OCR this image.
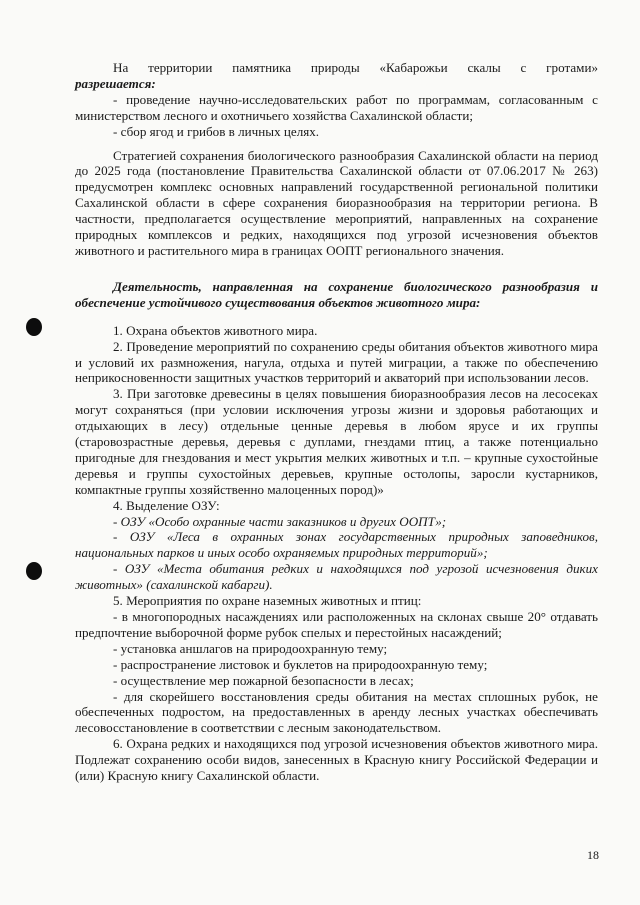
На территории памятника природы «Кабарожьи скалы с гротами»

разрешается:

- проведение научно-исследовательских работ по программам, согласованным с министерством лесного и охотничьего хозяйства Сахалинской области;

- сбор ягод и грибов в личных целях.

Стратегией сохранения биологического разнообразия Сахалинской области на период до 2025 года (постановление Правительства Сахалинской области от 07.06.2017 № 263) предусмотрен комплекс основных направлений государственной региональной политики Сахалинской области в сфере сохранения биоразнообразия на территории региона. В частности, предполагается осуществление мероприятий, направленных на сохранение природных комплексов и редких, находящихся под угрозой исчезновения объектов животного и растительного мира в границах ООПТ регионального значения.

Деятельность, направленная на сохранение биологического разнообразия и обеспечение устойчивого существования объектов животного мира:

1. Охрана объектов животного мира.

2. Проведение мероприятий по сохранению среды обитания объектов животного мира и условий их размножения, нагула, отдыха и путей миграции, а также по обеспечению неприкосновенности защитных участков территорий и акваторий при использовании лесов.

3. При заготовке древесины в целях повышения биоразнообразия лесов на лесосеках могут сохраняться (при условии исключения угрозы жизни и здоровья работающих и отдыхающих в лесу) отдельные ценные деревья в любом ярусе и их группы (старовозрастные деревья, деревья с дуплами, гнездами птиц, а также потенциально пригодные для гнездования и мест укрытия мелких животных и т.п. – крупные сухостойные деревья и группы сухостойных деревьев, крупные остолопы, заросли кустарников, компактные группы хозяйственно малоценных пород)»

4. Выделение ОЗУ:

- ОЗУ «Особо охранные части заказников и других ООПТ»;

- ОЗУ «Леса в охранных зонах государственных природных заповедников, национальных парков и иных особо охраняемых природных территорий»;

- ОЗУ «Места обитания редких и находящихся под угрозой исчезновения диких животных» (сахалинской кабарги).

5. Мероприятия по охране наземных животных и птиц:

- в многопородных насаждениях или расположенных на склонах свыше 20° отдавать предпочтение выборочной форме рубок спелых и перестойных насаждений;

- установка аншлагов на природоохранную тему;

- распространение листовок и буклетов на природоохранную тему;

- осуществление мер пожарной безопасности в лесах;

- для скорейшего восстановления среды обитания на местах сплошных рубок, не обеспеченных подростом, на предоставленных в аренду лесных участках обеспечивать лесовосстановление в соответствии с лесным законодательством.

6. Охрана редких и находящихся под угрозой исчезновения объектов животного мира. Подлежат сохранению особи видов, занесенных в Красную книгу Российской Федерации и (или) Красную книгу Сахалинской области.

18
